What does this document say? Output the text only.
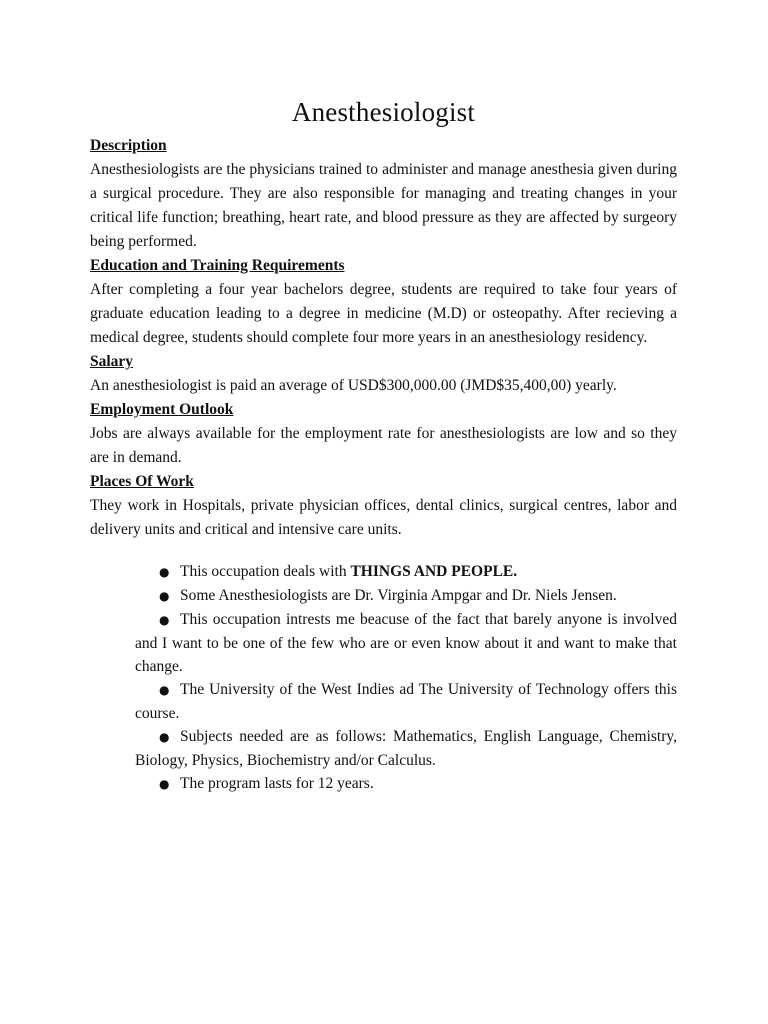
Anesthesiologist

Description

Anesthesiologists are the physicians trained to administer and manage anesthesia given during a surgical procedure. They are also responsible for managing and treating changes in your critical life function; breathing, heart rate, and blood pressure as they are affected by surgeory being performed.

Education and Training Requirements

After completing a four year bachelors degree, students are required to take four years of graduate education leading to a degree in medicine (M.D) or osteopathy. After recieving a medical degree, students should complete four more years in an anesthesiology residency.

Salary

An anesthesiologist is paid an average of USD$300,000.00 (JMD$35,400,00) yearly.

Employment Outlook

Jobs are always available for the employment rate for anesthesiologists are low and so they are in demand.

Places Of Work

They work in Hospitals, private physician offices, dental clinics, surgical centres, labor and delivery units and critical and intensive care units.

● This occupation deals with THINGS AND PEOPLE.
● Some Anesthesiologists are Dr. Virginia Ampgar and Dr. Niels Jensen.
● This occupation intrests me beacuse of the fact that barely anyone is involved and I want to be one of the few who are or even know about it and want to make that change.
● The University of the West Indies ad The University of Technology offers this course.
● Subjects needed are as follows: Mathematics, English Language, Chemistry, Biology, Physics, Biochemistry and/or Calculus.
● The program lasts for 12 years.
